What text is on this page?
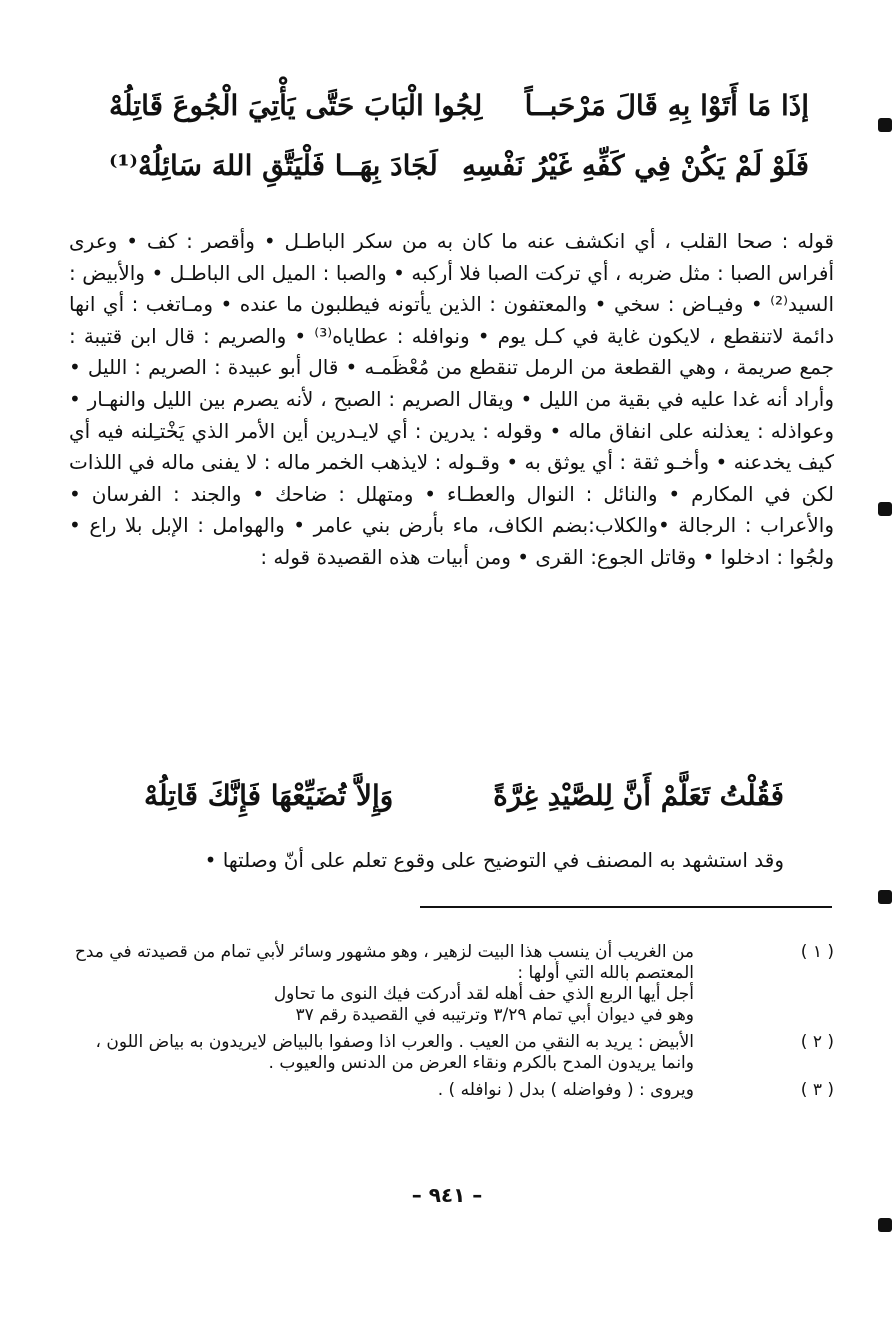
إذَا مَا أَتَوْا بِهِ قَالَ مَرْحَبــاً
لِجُوا الْبَابَ حَتَّى يَأْتِيَ الْجُوعَ قَاتِلُهْ
فَلَوْ لَمْ يَكُنْ فِي كَفِّهِ غَيْرُ نَفْسِهِ
لَجَادَ بِهَــا فَلْيَتَّقِ اللهَ سَائِلُهْ⁽¹⁾

قوله : صحا القلب ، أي انكشف عنه ما كان به من سكر الباطـل • وأقصر : كف • وعرى أفراس الصبا : مثل ضربه ، أي تركت الصبا فلا أركبه • والصبا : الميل الى الباطـل • والأبيض : السيد⁽²⁾ • وفيـاض : سخي • والمعتفون : الذين يأتونه فيطلبون ما عنده • ومـاتغب : أي انها دائمة لاتنقطع ، لايكون غاية في كـل يوم • ونوافله : عطاياه⁽³⁾ • والصريم : قال ابن قتيبة : جمع صريمة ، وهي القطعة من الرمل تنقطع من مُعْظَمـه • قال أبو عبيدة : الصريم : الليل • وأراد أنه غدا عليه في بقية من الليل • ويقال الصريم : الصبح ، لأنه يصرم بين الليل والنهـار • وعواذله : يعذلنه على انفاق ماله • وقوله : يدرين : أي لايـدرين أين الأمر الذي يَخْتـِلنه فيه أي كيف يخدعنه • وأخـو ثقة : أي يوثق به • وقـوله : لايذهب الخمر ماله : لا يفنى ماله في اللذات لكن في المكارم • والنائل : النوال والعطـاء • ومتهلل : ضاحك • والجند : الفرسان • والأعراب : الرجالة •والكلاب:بضم الكاف، ماء بأرض بني عامر • والهوامل : الإبل بلا راع • ولجُوا : ادخلوا • وقاتل الجوع: القرى • ومن أبيات هذه القصيدة قوله :

فَقُلْتُ تَعَلَّمْ أَنَّ لِلصَّيْدِ غِرَّةً
وَإِلاَّ تُضَيِّعْهَا فَإِنَّكَ قَاتِلُهْ
وقد استشهد به المصنف في التوضيح على وقوع تعلم على أنّ وصلتها •
( ١ )

من الغريب أن ينسب هذا البيت لزهير ، وهو مشهور وسائر لأبي تمام من قصيدته في مدح المعتصم بالله التي أولها :

أجل أيها الربع الذي حف أهله لقد أدركت فيك النوى ما تحاول

وهو في ديوان أبي تمام ٣/٢٩ وترتيبه في القصيدة رقم ٣٧

( ٢ )

الأبيض : يريد به النقي من العيب . والعرب اذا وصفوا بالبياض لايريدون به بياض اللون ، وانما يريدون المدح بالكرم ونقاء العرض من الدنس والعيوب .

( ٣ )

ويروى : ( وفواضله ) بدل ( نوافله ) .

– ٩٤١ –
